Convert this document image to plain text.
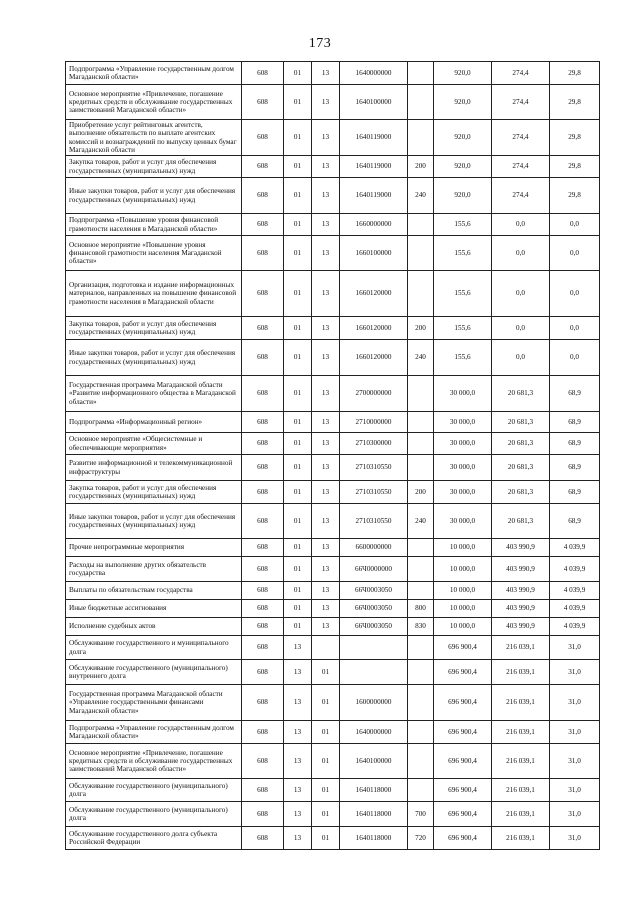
173
Подпрограмма «Управление государственным долгом Магаданской области»	608	01	13	1640000000		920,0	274,4	29,8
Основное мероприятие «Привлечение, погашение кредитных средств и обслуживание государственных заимствований Магаданской области»	608	01	13	1640100000		920,0	274,4	29,8
Приобретение услуг рейтинговых агентств, выполнение обязательств по выплате агентских комиссий и вознаграждений по выпуску ценных бумаг Магаданской области	608	01	13	1640119000		920,0	274,4	29,8
Закупка товаров, работ и услуг для обеспечения государственных (муниципальных) нужд	608	01	13	1640119000	200	920,0	274,4	29,8
Иные закупки товаров, работ и услуг для обеспечения государственных (муниципальных) нужд	608	01	13	1640119000	240	920,0	274,4	29,8
Подпрограмма «Повышение уровня финансовой грамотности населения в Магаданской области»	608	01	13	1660000000		155,6	0,0	0,0
Основное мероприятие «Повышение уровня финансовой грамотности населения Магаданской области»	608	01	13	1660100000		155,6	0,0	0,0
Организация, подготовка и издание информационных материалов, направленных на повышение финансовой грамотности населения в Магаданской области	608	01	13	1660120000		155,6	0,0	0,0
Закупка товаров, работ и услуг для обеспечения государственных (муниципальных) нужд	608	01	13	1660120000	200	155,6	0,0	0,0
Иные закупки товаров, работ и услуг для обеспечения государственных (муниципальных) нужд	608	01	13	1660120000	240	155,6	0,0	0,0
Государственная программа Магаданской области «Развитие информационного общества в Магаданской области»	608	01	13	2700000000		30 000,0	20 681,3	68,9
Подпрограмма «Информационный регион»	608	01	13	2710000000		30 000,0	20 681,3	68,9
Основное мероприятие «Общесистемные и обеспечивающие мероприятия»	608	01	13	2710300000		30 000,0	20 681,3	68,9
Развитие информационной и телекоммуникационной инфраструктуры	608	01	13	2710310550		30 000,0	20 681,3	68,9
Закупка товаров, работ и услуг для обеспечения государственных (муниципальных) нужд	608	01	13	2710310550	200	30 000,0	20 681,3	68,9
Иные закупки товаров, работ и услуг для обеспечения государственных (муниципальных) нужд	608	01	13	2710310550	240	30 000,0	20 681,3	68,9
Прочие непрограммные мероприятия	608	01	13	6600000000		10 000,0	403 990,9	4 039,9
Расходы на выполнение других обязательств государства	608	01	13	66Ч0000000		10 000,0	403 990,9	4 039,9
Выплаты по обязательствам государства	608	01	13	66Ч0003050		10 000,0	403 990,9	4 039,9
Иные бюджетные ассигнования	608	01	13	66Ч0003050	800	10 000,0	403 990,9	4 039,9
Исполнение судебных актов	608	01	13	66Ч0003050	830	10 000,0	403 990,9	4 039,9
Обслуживание государственного и муниципального долга	608	13				696 900,4	216 039,1	31,0
Обслуживание государственного (муниципального) внутреннего долга	608	13	01			696 900,4	216 039,1	31,0
Государственная программа Магаданской области «Управление государственными финансами Магаданской области»	608	13	01	1600000000		696 900,4	216 039,1	31,0
Подпрограмма «Управление государственным долгом Магаданской области»	608	13	01	1640000000		696 900,4	216 039,1	31,0
Основное мероприятие «Привлечение, погашение кредитных средств и обслуживание государственных заимствований Магаданской области»	608	13	01	1640100000		696 900,4	216 039,1	31,0
Обслуживание государственного (муниципального) долга	608	13	01	1640118000		696 900,4	216 039,1	31,0
Обслуживание государственного (муниципального) долга	608	13	01	1640118000	700	696 900,4	216 039,1	31,0
Обслуживание государственного долга субъекта Российской Федерации	608	13	01	1640118000	720	696 900,4	216 039,1	31,0
